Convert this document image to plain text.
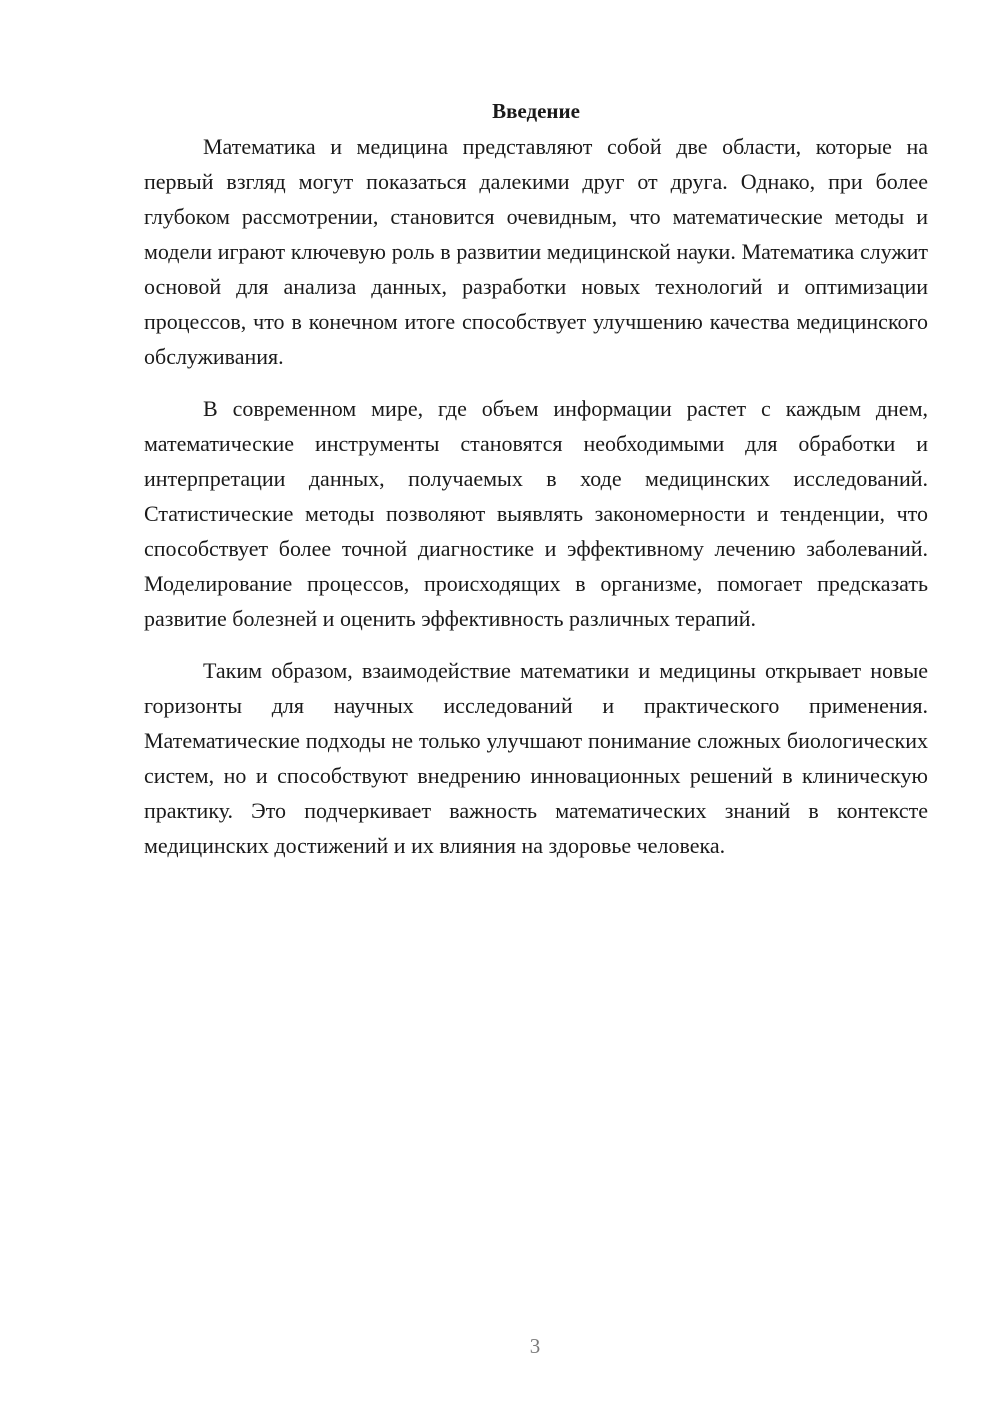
Введение

Математика и медицина представляют собой две области, которые на первый взгляд могут показаться далекими друг от друга. Однако, при более глубоком рассмотрении, становится очевидным, что математические методы и модели играют ключевую роль в развитии медицинской науки. Математика служит основой для анализа данных, разработки новых технологий и оптимизации процессов, что в конечном итоге способствует улучшению качества медицинского обслуживания.

В современном мире, где объем информации растет с каждым днем, математические инструменты становятся необходимыми для обработки и интерпретации данных, получаемых в ходе медицинских исследований. Статистические методы позволяют выявлять закономерности и тенденции, что способствует более точной диагностике и эффективному лечению заболеваний. Моделирование процессов, происходящих в организме, помогает предсказать развитие болезней и оценить эффективность различных терапий.

Таким образом, взаимодействие математики и медицины открывает новые горизонты для научных исследований и практического применения. Математические подходы не только улучшают понимание сложных биологических систем, но и способствуют внедрению инновационных решений в клиническую практику. Это подчеркивает важность математических знаний в контексте медицинских достижений и их влияния на здоровье человека.

3
